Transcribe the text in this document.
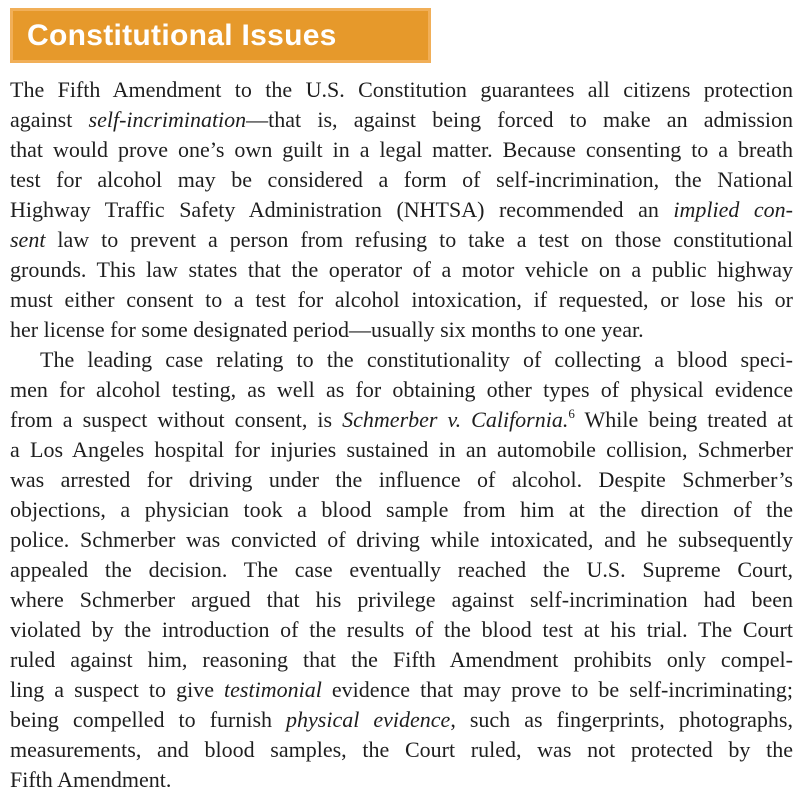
Constitutional Issues
The Fifth Amendment to the U.S. Constitution guarantees all citizens protection
against self-incrimination—that is, against being forced to make an admission
that would prove one’s own guilt in a legal matter. Because consenting to a breath
test for alcohol may be considered a form of self-incrimination, the National
Highway Traffic Safety Administration (NHTSA) recommended an implied con-
sent law to prevent a person from refusing to take a test on those constitutional
grounds. This law states that the operator of a motor vehicle on a public highway
must either consent to a test for alcohol intoxication, if requested, or lose his or
her license for some designated period—usually six months to one year.
The leading case relating to the constitutionality of collecting a blood speci-
men for alcohol testing, as well as for obtaining other types of physical evidence
from a suspect without consent, is Schmerber v. California.$^6$ While being treated at
a Los Angeles hospital for injuries sustained in an automobile collision, Schmerber
was arrested for driving under the influence of alcohol. Despite Schmerber’s
objections, a physician took a blood sample from him at the direction of the
police. Schmerber was convicted of driving while intoxicated, and he subsequently
appealed the decision. The case eventually reached the U.S. Supreme Court,
where Schmerber argued that his privilege against self-incrimination had been
violated by the introduction of the results of the blood test at his trial. The Court
ruled against him, reasoning that the Fifth Amendment prohibits only compel-
ling a suspect to give testimonial evidence that may prove to be self-incriminating;
being compelled to furnish physical evidence, such as fingerprints, photographs,
measurements, and blood samples, the Court ruled, was not protected by the
Fifth Amendment.
